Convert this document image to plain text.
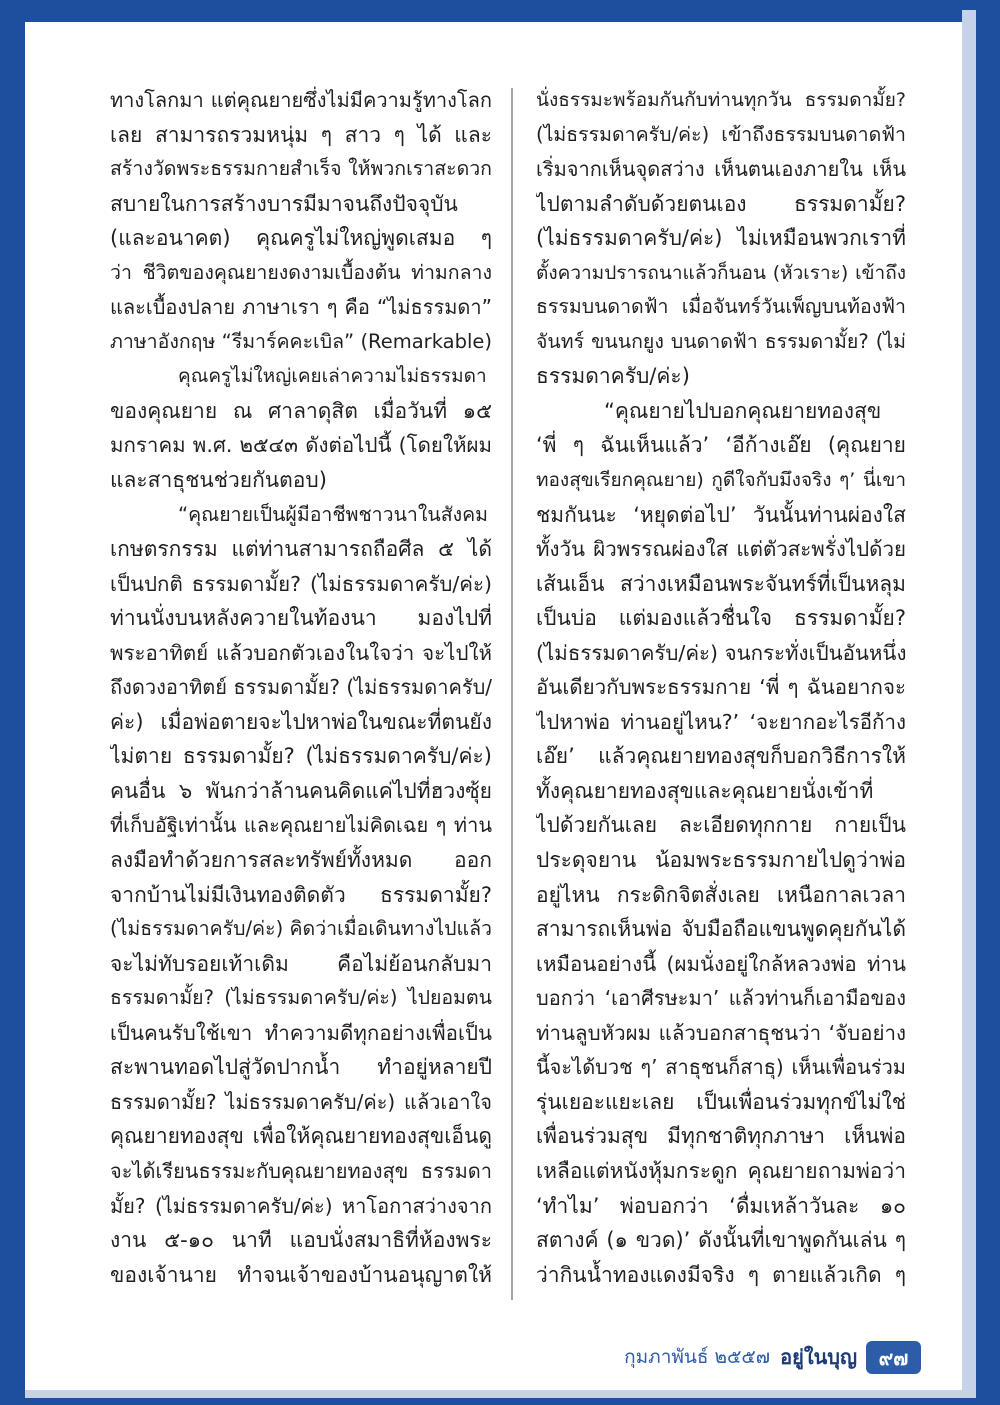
ทางโลกมา แต่คุณยายซึ่งไม่มีความรู้ทางโลก
เลย สามารถรวมหนุ่ม ๆ สาว ๆ ได้ และ
สร้างวัดพระธรรมกายสำเร็จ ให้พวกเราสะดวก
สบายในการสร้างบารมีมาจนถึงปัจจุบัน
(และอนาคต) คุณครูไม่ใหญ่พูดเสมอ ๆ
ว่า ชีวิตของคุณยายงดงามเบื้องต้น ท่ามกลาง
และเบื้องปลาย ภาษาเรา ๆ คือ “ไม่ธรรมดา”
ภาษาอังกฤษ “รีมาร์คคะเบิล” (Remarkable)
คุณครูไม่ใหญ่เคยเล่าความไม่ธรรมดา
ของคุณยาย ณ ศาลาดุสิต เมื่อวันที่ ๑๕
มกราคม พ.ศ. ๒๕๔๓ ดังต่อไปนี้ (โดยให้ผม
และสาธุชนช่วยกันตอบ)
“คุณยายเป็นผู้มีอาชีพชาวนาในสังคม
เกษตรกรรม แต่ท่านสามารถถือศีล ๕ ได้
เป็นปกติ ธรรมดามั้ย? (ไม่ธรรมดาครับ/ค่ะ)
ท่านนั่งบนหลังควายในท้องนา มองไปที่
พระอาทิตย์ แล้วบอกตัวเองในใจว่า จะไปให้
ถึงดวงอาทิตย์ ธรรมดามั้ย? (ไม่ธรรมดาครับ/
ค่ะ) เมื่อพ่อตายจะไปหาพ่อในขณะที่ตนยัง
ไม่ตาย ธรรมดามั้ย? (ไม่ธรรมดาครับ/ค่ะ)
คนอื่น ๖ พันกว่าล้านคนคิดแค่ไปที่ฮวงซุ้ย
ที่เก็บอัฐิเท่านั้น และคุณยายไม่คิดเฉย ๆ ท่าน
ลงมือทำด้วยการสละทรัพย์ทั้งหมด ออก
จากบ้านไม่มีเงินทองติดตัว ธรรมดามั้ย?
(ไม่ธรรมดาครับ/ค่ะ) คิดว่าเมื่อเดินทางไปแล้ว
จะไม่ทับรอยเท้าเดิม คือไม่ย้อนกลับมา
ธรรมดามั้ย? (ไม่ธรรมดาครับ/ค่ะ) ไปยอมตน
เป็นคนรับใช้เขา ทำความดีทุกอย่างเพื่อเป็น
สะพานทอดไปสู่วัดปากน้ำ ทำอยู่หลายปี
ธรรมดามั้ย? ไม่ธรรมดาครับ/ค่ะ) แล้วเอาใจ
คุณยายทองสุข เพื่อให้คุณยายทองสุขเอ็นดู
จะได้เรียนธรรมะกับคุณยายทองสุข ธรรมดา
มั้ย? (ไม่ธรรมดาครับ/ค่ะ) หาโอกาสว่างจาก
งาน ๕-๑๐ นาที แอบนั่งสมาธิที่ห้องพระ
ของเจ้านาย ทำจนเจ้าของบ้านอนุญาตให้
นั่งธรรมะพร้อมกันกับท่านทุกวัน ธรรมดามั้ย?
(ไม่ธรรมดาครับ/ค่ะ) เข้าถึงธรรมบนดาดฟ้า
เริ่มจากเห็นจุดสว่าง เห็นตนเองภายใน เห็น
ไปตามลำดับด้วยตนเอง ธรรมดามั้ย?
(ไม่ธรรมดาครับ/ค่ะ) ไม่เหมือนพวกเราที่
ตั้งความปรารถนาแล้วก็นอน (หัวเราะ) เข้าถึง
ธรรมบนดาดฟ้า เมื่อจันทร์วันเพ็ญบนท้องฟ้า
จันทร์ ขนนกยูง บนดาดฟ้า ธรรมดามั้ย? (ไม่
ธรรมดาครับ/ค่ะ)
“คุณยายไปบอกคุณยายทองสุข
‘พี่ ๆ ฉันเห็นแล้ว’ ‘อีก้างเอ๊ย (คุณยาย
ทองสุขเรียกคุณยาย) กูดีใจกับมึงจริง ๆ’ นี่เขา
ชมกันนะ ‘หยุดต่อไป’ วันนั้นท่านผ่องใส
ทั้งวัน ผิวพรรณผ่องใส แต่ตัวสะพรั่งไปด้วย
เส้นเอ็น สว่างเหมือนพระจันทร์ที่เป็นหลุม
เป็นบ่อ แต่มองแล้วชื่นใจ ธรรมดามั้ย?
(ไม่ธรรมดาครับ/ค่ะ) จนกระทั่งเป็นอันหนึ่ง
อันเดียวกับพระธรรมกาย ‘พี่ ๆ ฉันอยากจะ
ไปหาพ่อ ท่านอยู่ไหน?’ ‘จะยากอะไรอีก้าง
เอ๊ย’ แล้วคุณยายทองสุขก็บอกวิธีการให้
ทั้งคุณยายทองสุขและคุณยายนั่งเข้าที่
ไปด้วยกันเลย ละเอียดทุกกาย กายเป็น
ประดุจยาน น้อมพระธรรมกายไปดูว่าพ่อ
อยู่ไหน กระดิกจิตสั่งเลย เหนือกาลเวลา
สามารถเห็นพ่อ จับมือถือแขนพูดคุยกันได้
เหมือนอย่างนี้ (ผมนั่งอยู่ใกล้หลวงพ่อ ท่าน
บอกว่า ‘เอาศีรษะมา’ แล้วท่านก็เอามือของ
ท่านลูบหัวผม แล้วบอกสาธุชนว่า ‘จับอย่าง
นี้จะได้บวช ๆ’ สาธุชนก็สาธุ) เห็นเพื่อนร่วม
รุ่นเยอะแยะเลย เป็นเพื่อนร่วมทุกข์ไม่ใช่
เพื่อนร่วมสุข มีทุกชาติทุกภาษา เห็นพ่อ
เหลือแต่หนังหุ้มกระดูก คุณยายถามพ่อว่า
‘ทำไม’ พ่อบอกว่า ‘ดื่มเหล้าวันละ ๑๐
สตางค์ (๑ ขวด)’ ดังนั้นที่เขาพูดกันเล่น ๆ
ว่ากินน้ำทองแดงมีจริง ๆ ตายแล้วเกิด ๆ
กุมภาพันธ์ ๒๕๕๗ อยู่ในบุญ ๙๗
